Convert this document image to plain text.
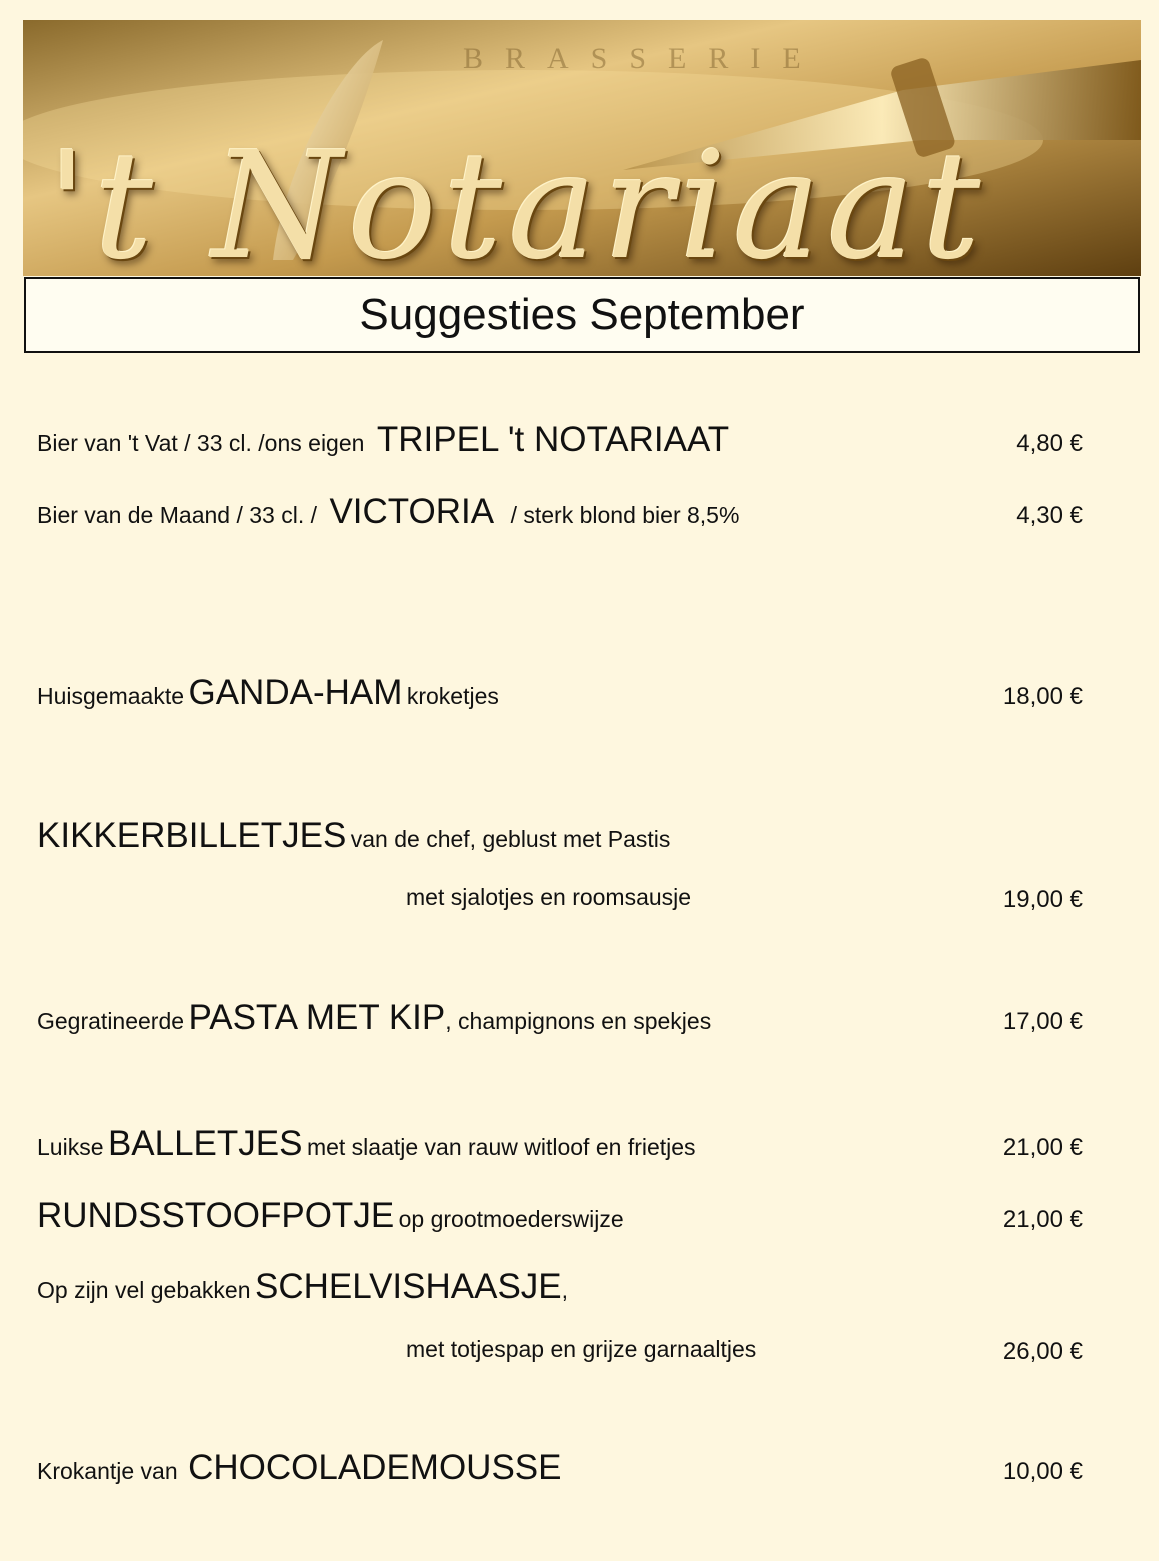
BRASSERIE
't Notariaat
Suggesties September
Bier van 't Vat / 33 cl. /ons eigen TRIPEL 't NOTARIAAT	4,80 €
Bier van de Maand / 33 cl. / VICTORIA / sterk blond bier 8,5%	4,30 €
Huisgemaakte GANDA-HAM kroketjes	18,00 €
KIKKERBILLETJES van de chef, geblust met Pastis
met sjalotjes en roomsausje	19,00 €
Gegratineerde PASTA MET KIP, champignons en spekjes	17,00 €
Luikse BALLETJES met slaatje van rauw witloof en frietjes	21,00 €
RUNDSSTOOFPOTJE op grootmoederswijze	21,00 €
Op zijn vel gebakken SCHELVISHAASJE,
met totjespap en grijze garnaaltjes	26,00 €
Krokantje van CHOCOLADEMOUSSE	10,00 €
